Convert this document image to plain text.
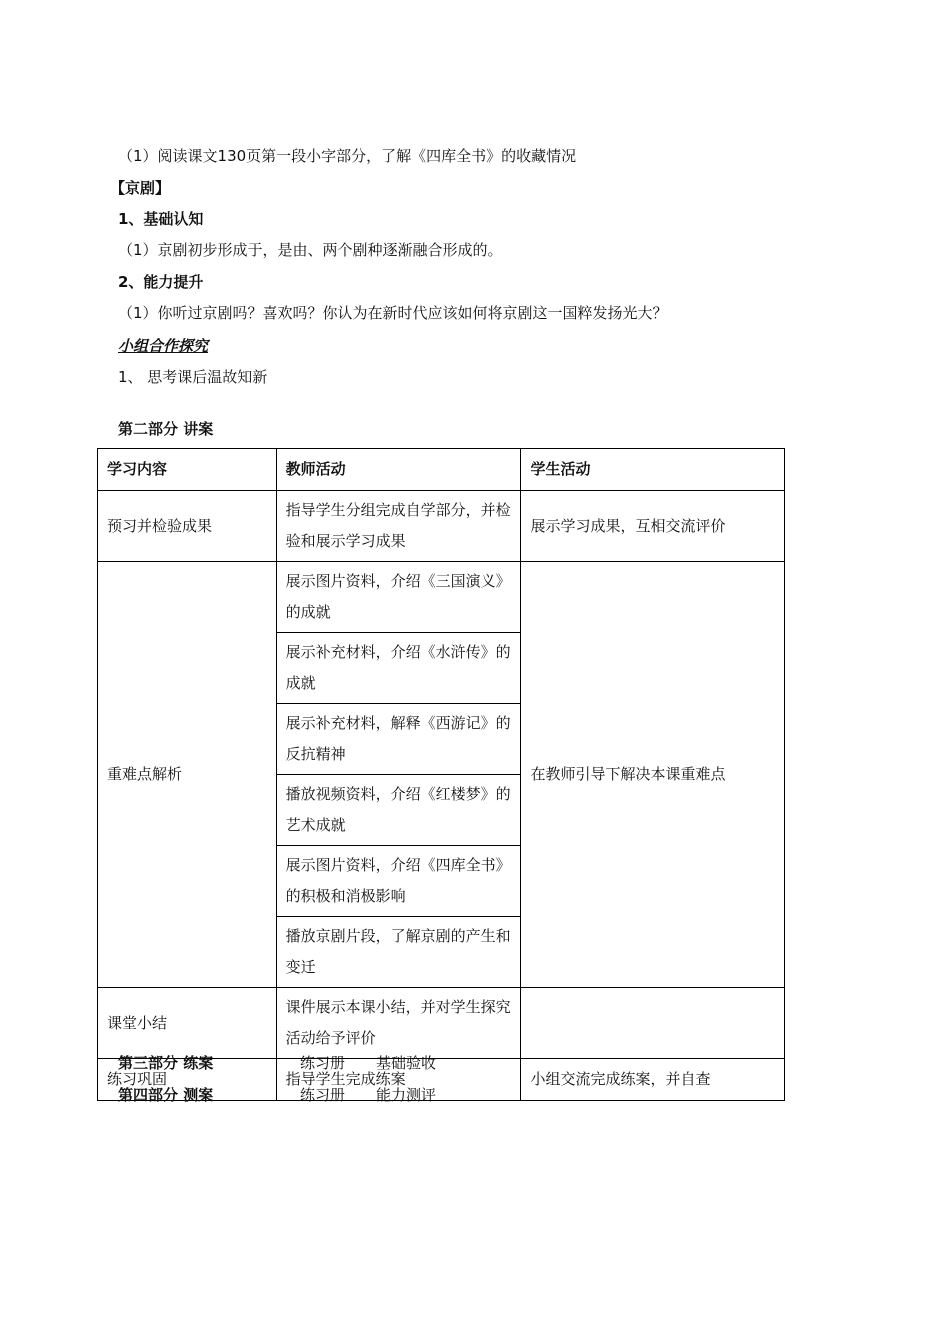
（1）阅读课文130页第一段小字部分，了解《四库全书》的收藏情况
【京剧】
1、基础认知
（1）京剧初步形成于，是由、两个剧种逐渐融合形成的。
2、能力提升
（1）你听过京剧吗？喜欢吗？你认为在新时代应该如何将京剧这一国粹发扬光大？
小组合作探究
1、 思考课后温故知新
第二部分 讲案
学习内容	教师活动	学生活动
预习并检验成果	指导学生分组完成自学部分，并检验和展示学习成果	展示学习成果，互相交流评价
重难点解析	展示图片资料，介绍《三国演义》的成就	在教师引导下解决本课重难点
	展示补充材料，介绍《水浒传》的成就	
	展示补充材料，解释《西游记》的反抗精神	
	播放视频资料，介绍《红楼梦》的艺术成就	
	展示图片资料，介绍《四库全书》的积极和消极影响	
	播放京剧片段，了解京剧的产生和变迁	
课堂小结	课件展示本课小结，并对学生探究活动给予评价	
练习巩固	指导学生完成练案	小组交流完成练案，并自查
第三部分 练案	练习册 基础验收
第四部分 测案	练习册 能力测评
